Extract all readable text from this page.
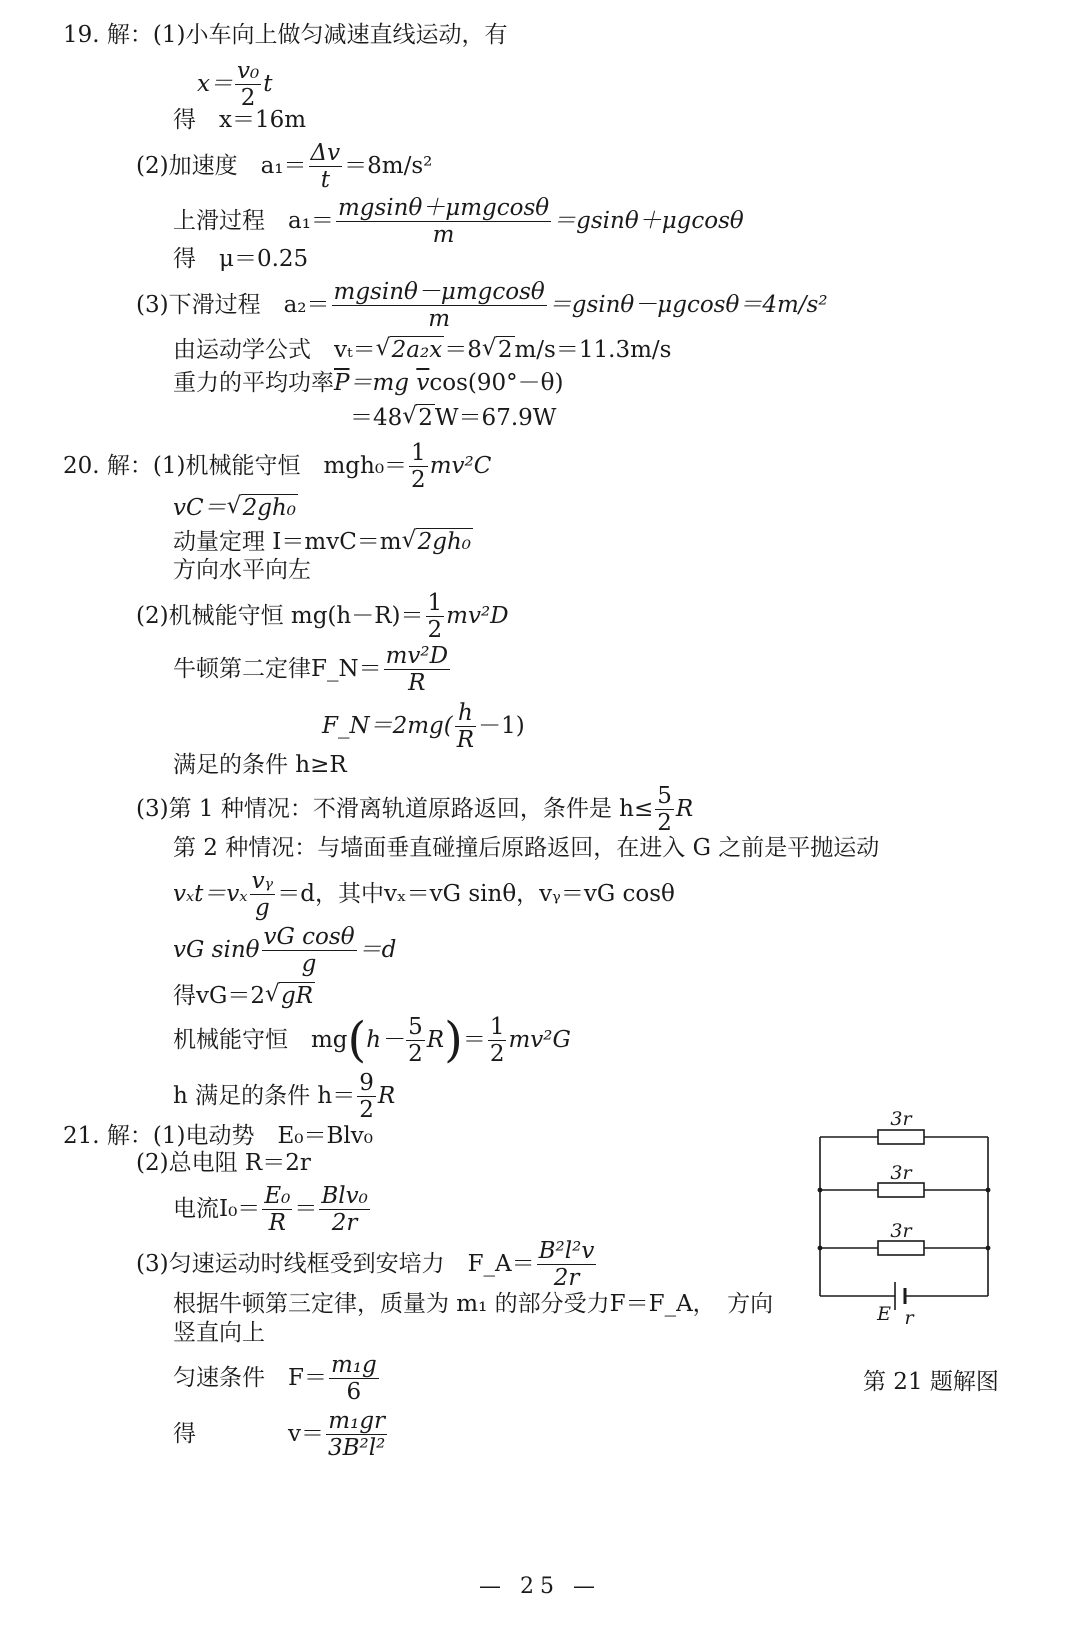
19. 解：(1)小车向上做匀减速直线运动，有
$x= \frac{\text{v₀}}{2}$ t
得　x＝16m
(2)加速度　$a_1= \frac{\Delta v}{t} =8m/s^2$
上滑过程　$a_1= \frac{\text{mgsinθ＋μmgcosθ}}{m} =gsin\theta+\mu gcos\theta$
得　μ＝0.25
(3)下滑过程　$a_2= \frac{\text{mgsinθ－μmgcosθ}}{m} =gsin\theta-\mu gcos\theta=4m/s^2$
由运动学公式　vₜ＝ √ 2a₂x＝8 √ 2m/s＝11.3m/s
重力的平均功率$\overline{P}=mg$ $\overline{v}\cos(90^\circ-\theta)$
＝48 √ 2W＝67.9W
20. 解：(1)机械能守恒　$mgh_0= \frac{1}{2} mv^2C$
vC＝ √ 2gh₀
动量定理 I＝mvC＝m √ 2gh₀
方向水平向左
(2)机械能守恒 $mg(h-R)= \frac{1}{2} mv^2D$
牛顿第二定律F_N＝ $\frac{\text{mv²D}}{R}$
F_N＝2mg( $\frac{h}{R} -1$)
满足的条件 h≥R
(3)第 1 种情况：不滑离轨道原路返回，条件是 $h\le \frac{5}{2}$ R
第 2 种情况：与墙面垂直碰撞后原路返回，在进入 G 之前是平抛运动
$v_xt=v_x \frac{\text{vᵧ}}{g} =d$，其中vₓ＝vG sinθ，vᵧ＝vG cosθ
vG sinθ $\frac{\text{vG cosθ}}{g} =d$
得vG＝2 √ gR
机械能守恒　$mg(h- \frac{5}{2} R)= \frac{1}{2} mv^2G$
h 满足的条件 $h= \frac{9}{2}$ R
21. 解：(1)电动势　E₀＝Blv₀
(2)总电阻 R＝2r
电流$I_0= \frac{\text{E₀}}{R} = \frac{\text{Blv₀}}{2r}$
(3)匀速运动时线框受到安培力　F_A＝ $\frac{\text{B²l²v}}{2r}$
根据牛顿第三定律，质量为 m₁ 的部分受力F＝F_A，　方向
竖直向上
匀速条件　$F= \frac{\text{m₁g}}{6}$
得　　　　$v= \frac{\text{m₁gr}}{\text{3B²l²}}$
3r
3r
3r
E r
第 21 题解图
— 25 —
